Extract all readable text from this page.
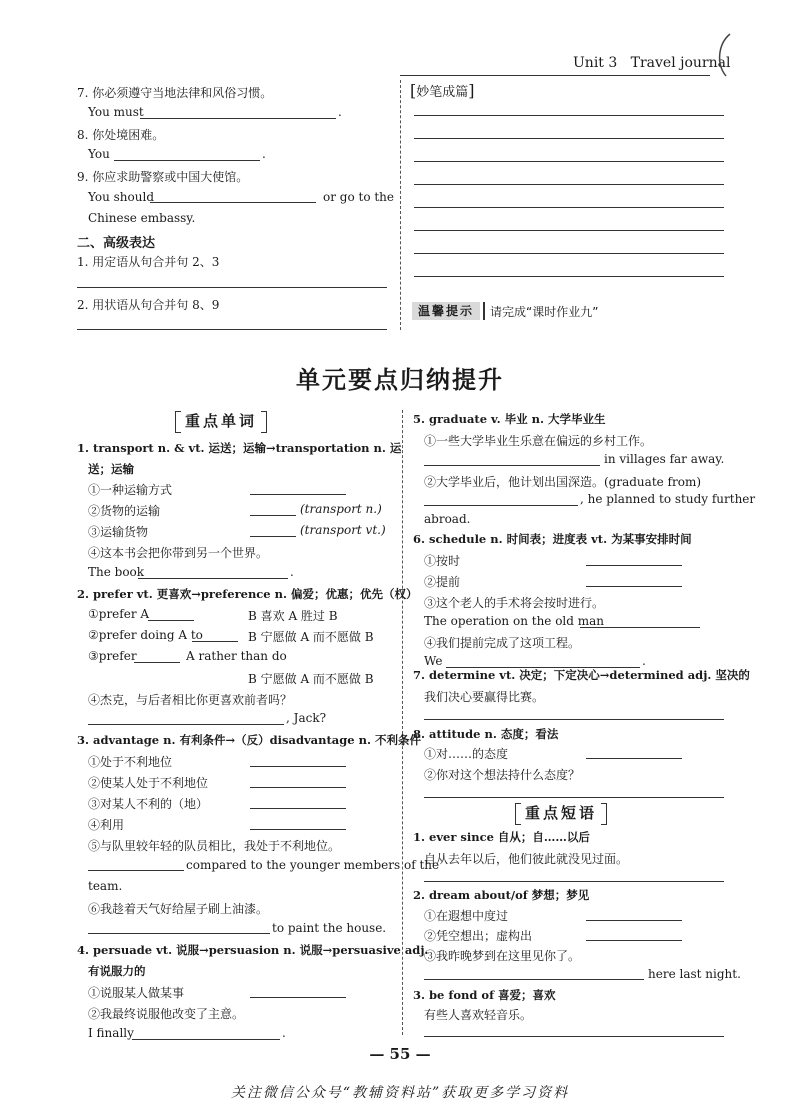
Unit 3 Travel journal
7. 你必须遵守当地法律和风俗习惯。
You must	.
8. 你处境困难。
You	.
9. 你应求助警察或中国大使馆。
You should	or go to the
Chinese embassy.
二、高级表达
1. 用定语从句合并句 2、3
2. 用状语从句合并句 8、9
[妙笔成篇]
温馨提示	请完成“课时作业九”
单元要点归纳提升
重点单词
1. transport n. & vt. 运送；运输→transportation n. 运
送；运输
①一种运输方式
②货物的运输	(transport n.)
③运输货物	(transport vt.)
④这本书会把你带到另一个世界。
The book	.
2. prefer vt. 更喜欢→preference n. 偏爱；优惠；优先（权）
①prefer A	B 喜欢 A 胜过 B
②prefer doing A to	B 宁愿做 A 而不愿做 B
③prefer	A rather than do
B 宁愿做 A 而不愿做 B
④杰克，与后者相比你更喜欢前者吗？
, Jack?
3. advantage n. 有利条件→（反）disadvantage n. 不利条件
①处于不利地位
②使某人处于不利地位
③对某人不利的（地）
④利用
⑤与队里较年轻的队员相比，我处于不利地位。
compared to the younger members of the
team.
⑥我趁着天气好给屋子刷上油漆。
to paint the house.
4. persuade vt. 说服→persuasion n. 说服→persuasive adj.
有说服力的
①说服某人做某事
②我最终说服他改变了主意。
I finally	.
5. graduate v. 毕业 n. 大学毕业生
①一些大学毕业生乐意在偏远的乡村工作。
in villages far away.
②大学毕业后，他计划出国深造。(graduate from)
, he planned to study further
abroad.
6. schedule n. 时间表；进度表 vt. 为某事安排时间
①按时
②提前
③这个老人的手术将会按时进行。
The operation on the old man
④我们提前完成了这项工程。
We	.
7. determine vt. 决定；下定决心→determined adj. 坚决的
我们决心要赢得比赛。
8. attitude n. 态度；看法
①对……的态度
②你对这个想法持什么态度？
重点短语
1. ever since 自从；自……以后
自从去年以后，他们彼此就没见过面。
2. dream about/of 梦想；梦见
①在遐想中度过
②凭空想出；虚构出
③我昨晚梦到在这里见你了。
here last night.
3. be fond of 喜爱；喜欢
有些人喜欢轻音乐。
— 55 —
关注微信公众号“教辅资料站”获取更多学习资料
